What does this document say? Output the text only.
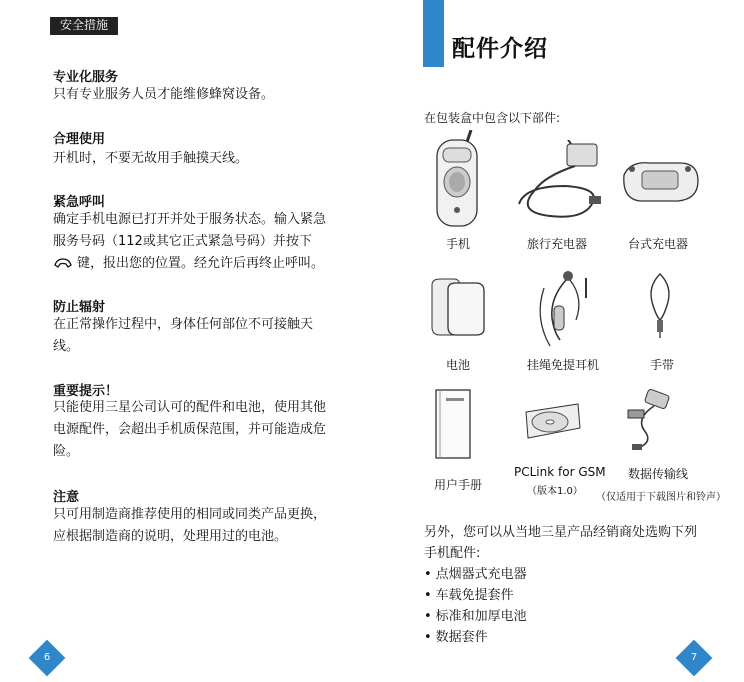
安全措施
专业化服务

只有专业服务人员才能维修蜂窝设备。

合理使用

开机时，不要无故用手触摸天线。

紧急呼叫

确定手机电源已打开并处于服务状态。输入紧急

服务号码（112或其它正式紧急号码）并按下

键，报出您的位置。经允许后再终止呼叫。

防止辐射

在正常操作过程中，身体任何部位不可接触天

线。

重要提示！

只能使用三星公司认可的配件和电池，使用其他

电源配件，会超出手机质保范围，并可能造成危

险。

注意

只可用制造商推荐使用的相同或同类产品更换，

应根据制造商的说明，处理用过的电池。

6
配件介绍
在包装盒中包含以下部件:
手机	旅行充电器	台式充电器
电池	挂绳免提耳机	手带
用户手册
PCLink for GSM
（版本1.0）
数据传输线
（仅适用于下载图片和铃声）

另外，您可以从当地三星产品经销商处选购下列

手机配件:

• 点烟器式充电器
• 车载免提套件
• 标准和加厚电池
• 数据套件
7
